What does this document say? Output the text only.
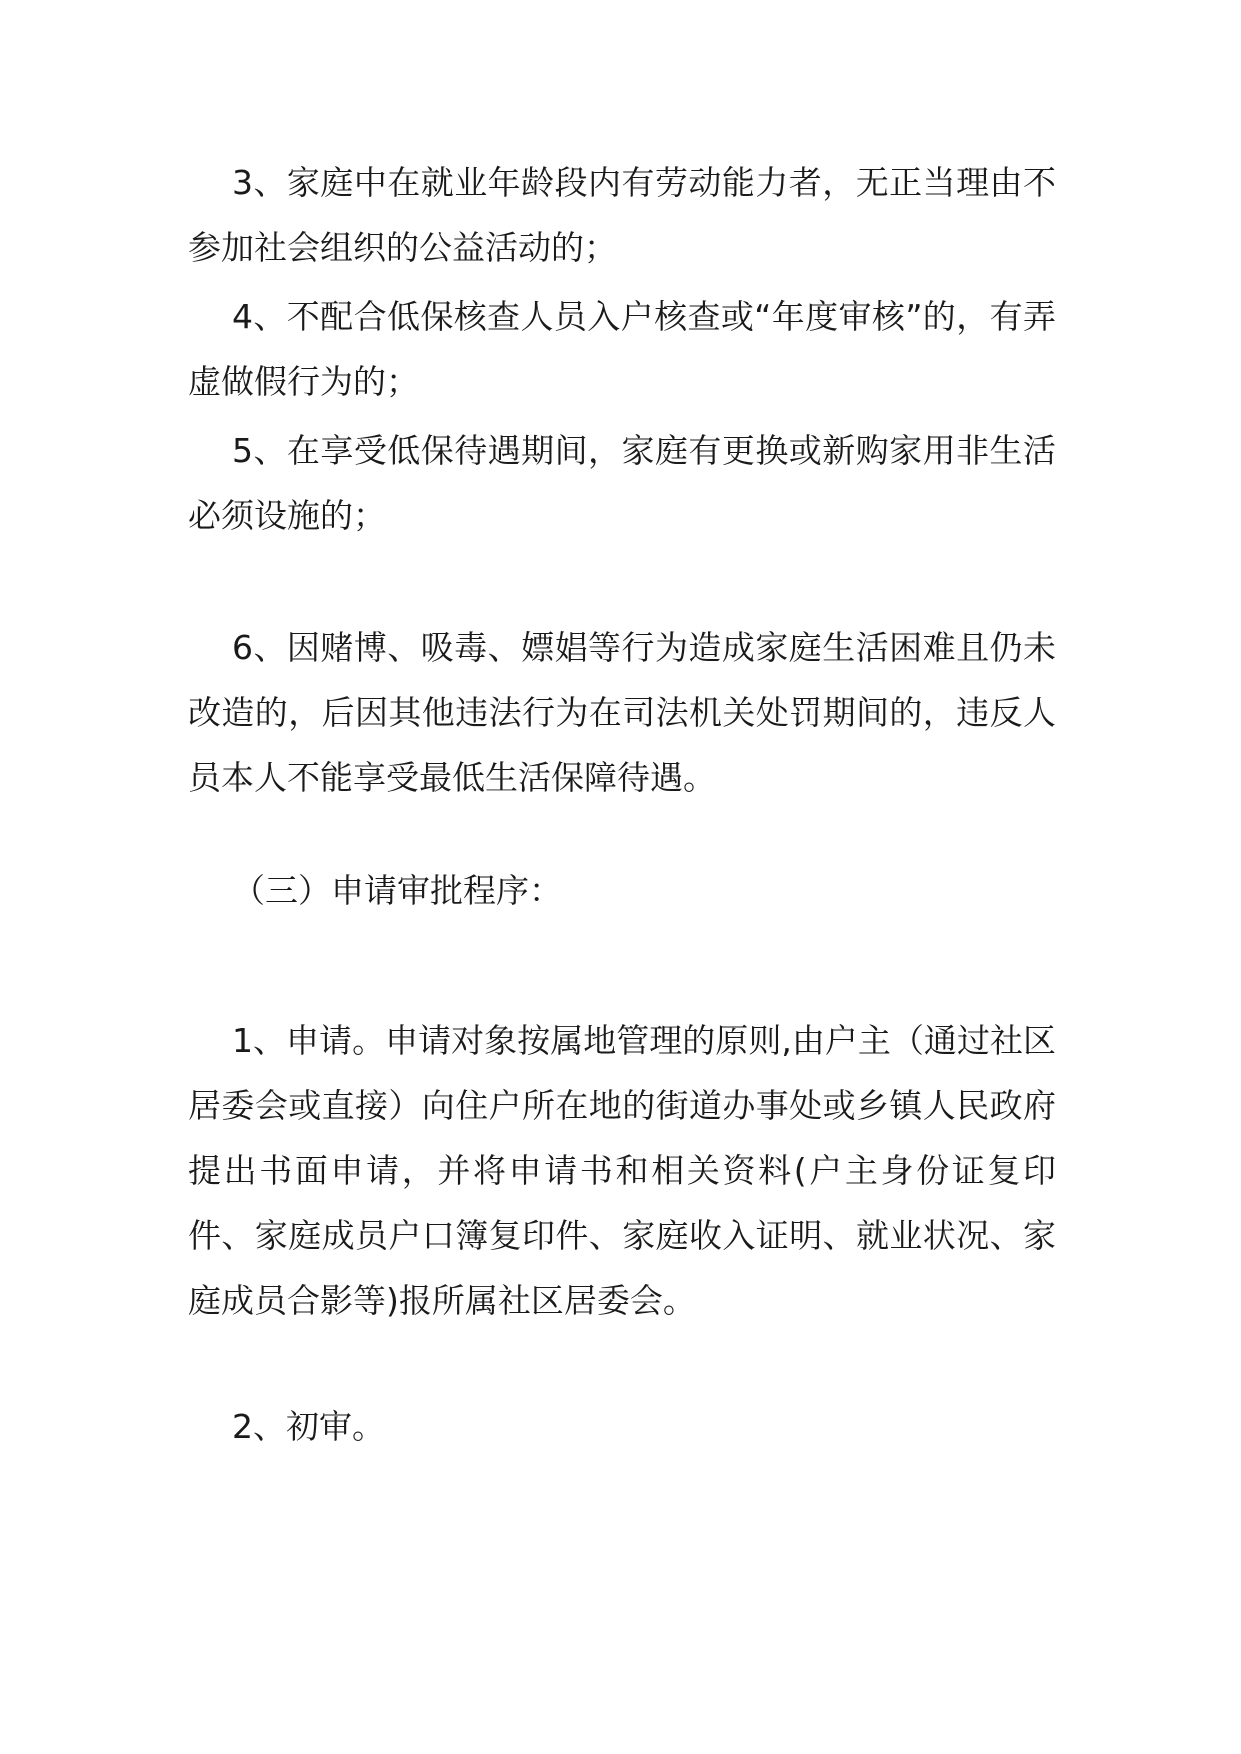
3、家庭中在就业年龄段内有劳动能力者，无正当理由不参加社会组织的公益活动的；

4、不配合低保核查人员入户核查或“年度审核”的，有弄虚做假行为的；

5、在享受低保待遇期间，家庭有更换或新购家用非生活必须设施的；

6、因赌博、吸毒、嫖娼等行为造成家庭生活困难且仍未改造的，后因其他违法行为在司法机关处罚期间的，违反人员本人不能享受最低生活保障待遇。

（三）申请审批程序：

1、申请。申请对象按属地管理的原则,由户主（通过社区居委会或直接）向住户所在地的街道办事处或乡镇人民政府提出书面申请，并将申请书和相关资料(户主身份证复印件、家庭成员户口簿复印件、家庭收入证明、就业状况、家庭成员合影等)报所属社区居委会。

2、初审。
